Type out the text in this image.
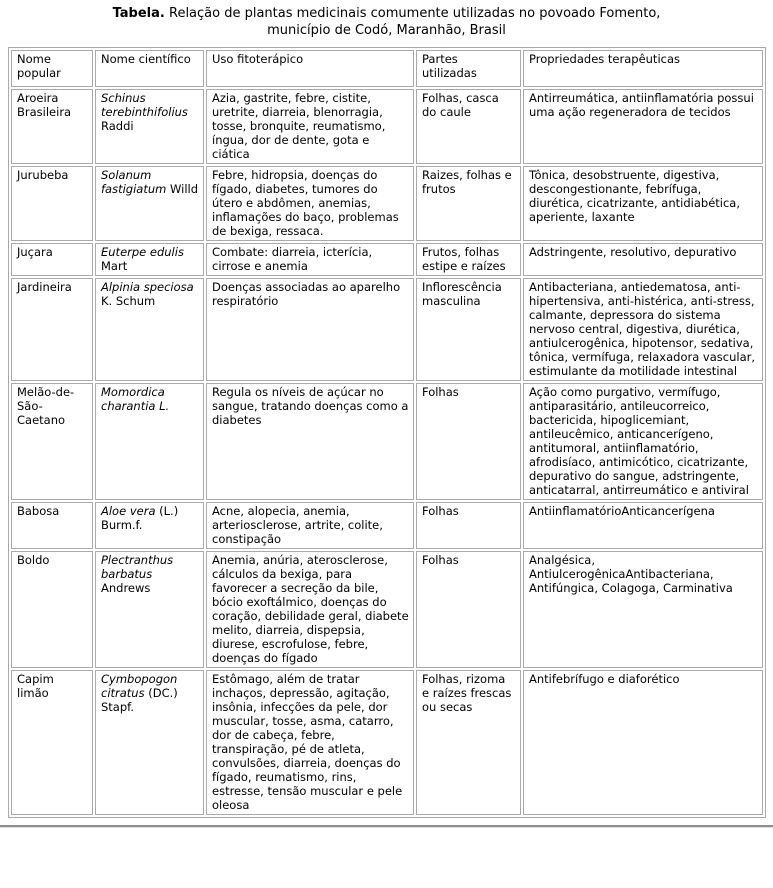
Tabela. Relação de plantas medicinais comumente utilizadas no povoado Fomento,
município de Codó, Maranhão, Brasil
Nome popular	Nome científico	Uso fitoterápico	Partes utilizadas	Propriedades terapêuticas
Aroeira Brasileira	Schinus terebinthifolius Raddi	Azia, gastrite, febre, cistite, uretrite, diarreia, blenorragia, tosse, bronquite, reumatismo, íngua, dor de dente, gota e ciática	Folhas, casca do caule	Antirreumática, antiinflamatória possui uma ação regeneradora de tecidos
Jurubeba	Solanum fastigiatum Willd	Febre, hidropsia, doenças do fígado, diabetes, tumores do útero e abdômen, anemias, inflamações do baço, problemas de bexiga, ressaca.	Raizes, folhas e frutos	Tônica, desobstruente, digestiva, descongestionante, febrífuga, diurética, cicatrizante, antidiabética, aperiente, laxante
Juçara	Euterpe edulis Mart	Combate: diarreia, icterícia, cirrose e anemia	Frutos, folhas estipe e raízes	Adstringente, resolutivo, depurativo
Jardineira	Alpinia speciosa K. Schum	Doenças associadas ao aparelho respiratório	Inflorescência masculina	Antibacteriana, antiedematosa, anti-hipertensiva, anti-histérica, anti-stress, calmante, depressora do sistema nervoso central, digestiva, diurética, antiulcerogênica, hipotensor, sedativa, tônica, vermífuga, relaxadora vascular, estimulante da motilidade intestinal
Melão-de-São-Caetano	Momordica charantia L.	Regula os níveis de açúcar no sangue, tratando doenças como a diabetes	Folhas	Ação como purgativo, vermífugo, antiparasitário, antileucorreico, bactericida, hipoglicemiant, antileucêmico, anticancerígeno, antitumoral, antiinflamatório, afrodisíaco, antimicótico, cicatrizante, depurativo do sangue, adstringente, anticatarral, antirreumático e antiviral
Babosa	Aloe vera (L.) Burm.f.	Acne, alopecia, anemia, arteriosclerose, artrite, colite, constipação	Folhas	AntiinflamatórioAnticancerígena
Boldo	Plectranthus barbatus Andrews	Anemia, anúria, aterosclerose, cálculos da bexiga, para favorecer a secreção da bile, bócio exoftálmico, doenças do coração, debilidade geral, diabete melito, diarreia, dispepsia, diurese, escrofulose, febre, doenças do fígado	Folhas	Analgésica, AntiulcerogênicaAntibacteriana, Antifúngica, Colagoga, Carminativa
Capim limão	Cymbopogon citratus (DC.) Stapf.	Estômago, além de tratar inchaços, depressão, agitação, insônia, infecções da pele, dor muscular, tosse, asma, catarro, dor de cabeça, febre, transpiração, pé de atleta, convulsões, diarreia, doenças do fígado, reumatismo, rins, estresse, tensão muscular e pele oleosa	Folhas, rizoma e raízes frescas ou secas	Antifebrífugo e diaforético
